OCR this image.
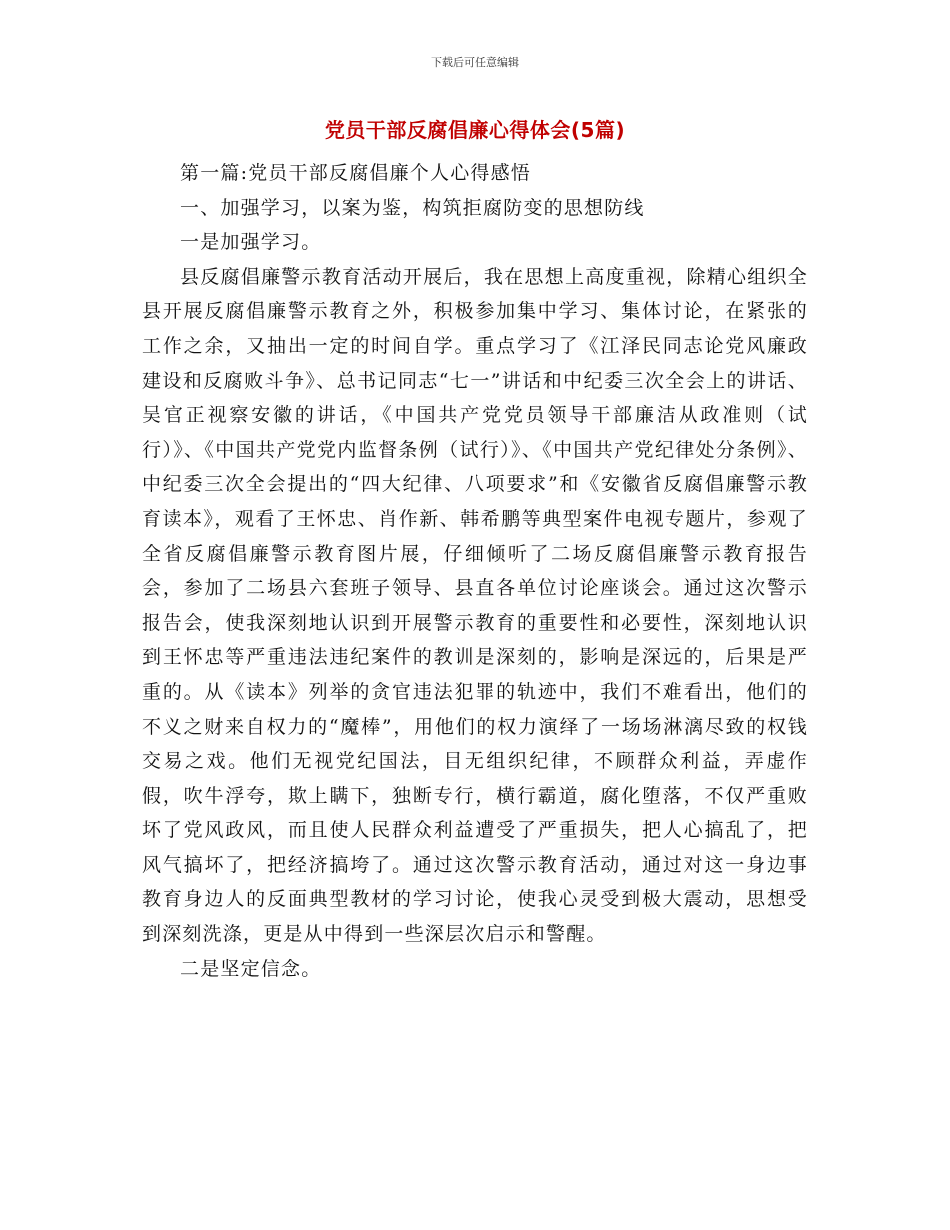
下载后可任意编辑
党员干部反腐倡廉心得体会(5篇)

第一篇:党员干部反腐倡廉个人心得感悟

一、加强学习，以案为鉴，构筑拒腐防变的思想防线

一是加强学习。

县反腐倡廉警示教育活动开展后，我在思想上高度重视，除精心组织全县开展反腐倡廉警示教育之外，积极参加集中学习、集体讨论，在紧张的工作之余，又抽出一定的时间自学。重点学习了《江泽民同志论党风廉政建设和反腐败斗争》、总书记同志“七一”讲话和中纪委三次全会上的讲话、吴官正视察安徽的讲话，《中国共产党党员领导干部廉洁从政准则（试行）》、《中国共产党党内监督条例（试行）》、《中国共产党纪律处分条例》、中纪委三次全会提出的“四大纪律、八项要求”和《安徽省反腐倡廉警示教育读本》，观看了王怀忠、肖作新、韩希鹏等典型案件电视专题片，参观了全省反腐倡廉警示教育图片展，仔细倾听了二场反腐倡廉警示教育报告会，参加了二场县六套班子领导、县直各单位讨论座谈会。通过这次警示报告会，使我深刻地认识到开展警示教育的重要性和必要性，深刻地认识到王怀忠等严重违法违纪案件的教训是深刻的，影响是深远的，后果是严重的。从《读本》列举的贪官违法犯罪的轨迹中，我们不难看出，他们的不义之财来自权力的“魔棒”，用他们的权力演绎了一场场淋漓尽致的权钱交易之戏。他们无视党纪国法，目无组织纪律，不顾群众利益，弄虚作假，吹牛浮夸，欺上瞒下，独断专行，横行霸道，腐化堕落，不仅严重败坏了党风政风，而且使人民群众利益遭受了严重损失，把人心搞乱了，把风气搞坏了，把经济搞垮了。通过这次警示教育活动，通过对这一身边事教育身边人的反面典型教材的学习讨论，使我心灵受到极大震动，思想受到深刻洗涤，更是从中得到一些深层次启示和警醒。

二是坚定信念。
